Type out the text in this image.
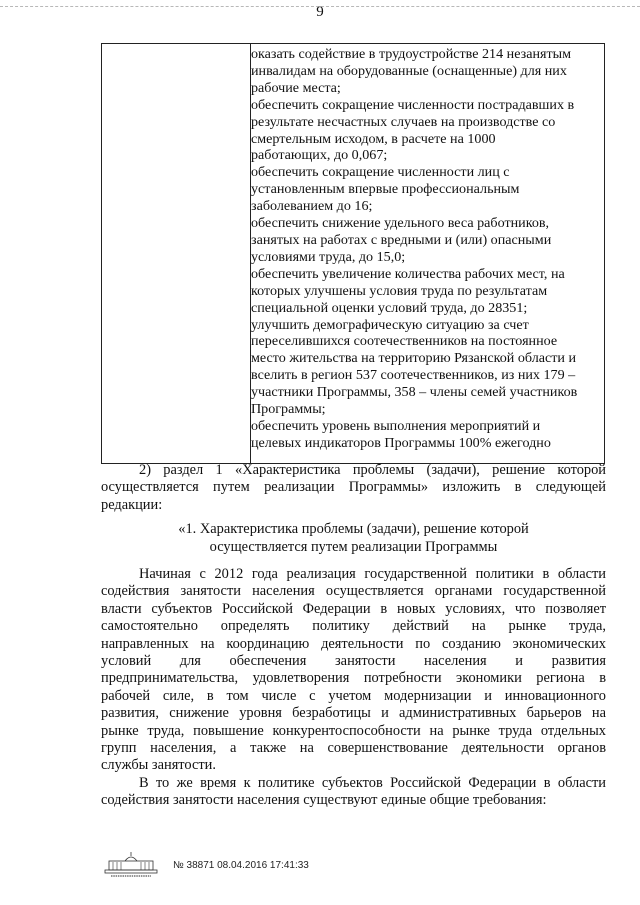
9
оказать содействие в трудоустройстве 214 незанятым
инвалидам на оборудованные (оснащенные) для них
рабочие места;
обеспечить сокращение численности пострадавших в
результате несчастных случаев на производстве со
смертельным исходом, в расчете на 1000
работающих, до 0,067;
обеспечить сокращение численности лиц с
установленным впервые профессиональным
заболеванием до 16;
обеспечить снижение удельного веса работников,
занятых на работах с вредными и (или) опасными
условиями труда, до 15,0;
обеспечить увеличение количества рабочих мест, на
которых улучшены условия труда по результатам
специальной оценки условий труда, до 28351;
улучшить демографическую ситуацию за счет
переселившихся соотечественников на постоянное
место жительства на территорию Рязанской области и
вселить в регион 537 соотечественников, из них 179 –
участники Программы, 358 – члены семей участников
Программы;
обеспечить уровень выполнения мероприятий и
целевых индикаторов Программы 100% ежегодно
2) раздел 1 «Характеристика проблемы (задачи), решение которой
осуществляется путем реализации Программы» изложить в следующей
редакции:
«1. Характеристика проблемы (задачи), решение которой
осуществляется путем реализации Программы
Начиная с 2012 года реализация государственной политики в области
содействия занятости населения осуществляется органами государственной
власти субъектов Российской Федерации в новых условиях, что позволяет
самостоятельно определять политику действий на рынке труда,
направленных на координацию деятельности по созданию экономических
условий для обеспечения занятости населения и развития
предпринимательства, удовлетворения потребности экономики региона в
рабочей силе, в том числе с учетом модернизации и инновационного
развития, снижение уровня безработицы и административных барьеров на
рынке труда, повышение конкурентоспособности на рынке труда отдельных
групп населения, а также на совершенствование деятельности органов
службы занятости.
В то же время к политике субъектов Российской Федерации в области
содействия занятости населения существуют единые общие требования:
№ 38871 08.04.2016 17:41:33
